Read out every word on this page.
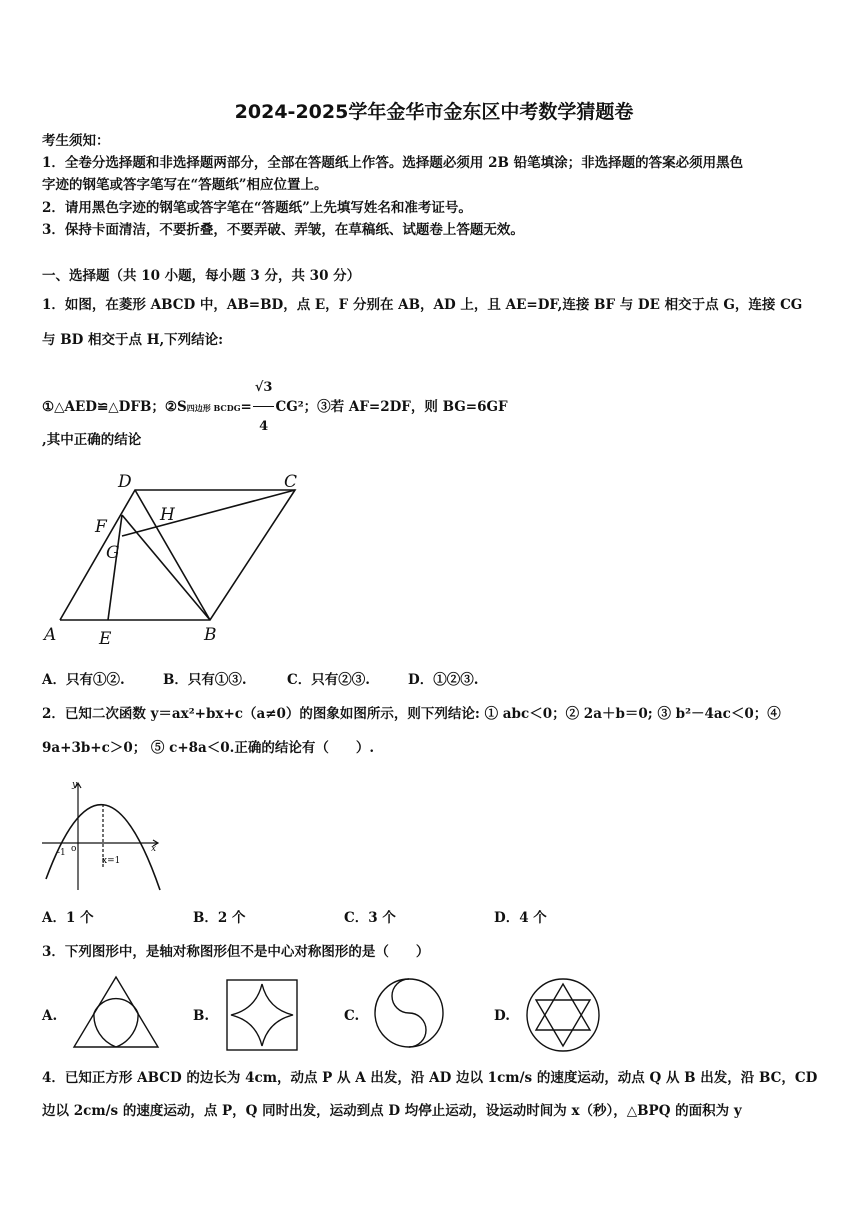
2024-2025学年金华市金东区中考数学猜题卷
考生须知：
1．全卷分选择题和非选择题两部分，全部在答题纸上作答。选择题必须用 2B 铅笔填涂；非选择题的答案必须用黑色
字迹的钢笔或答字笔写在“答题纸”相应位置上。
2．请用黑色字迹的钢笔或答字笔在“答题纸”上先填写姓名和准考证号。
3．保持卡面清洁，不要折叠，不要弄破、弄皱，在草稿纸、试题卷上答题无效。
一、选择题（共 10 小题，每小题 3 分，共 30 分）
1．如图，在菱形 ABCD 中，AB=BD，点 E，F 分别在 AB，AD 上，且 AE=DF,连接 BF 与 DE 相交于点 G，连接 CG
与 BD 相交于点 H,下列结论:
①△AED≌△DFB；②S四边形 BCDG= $\frac{√3}{4} CG^2$；③若 AF=2DF，则 BG=6GF
,其中正确的结论
A	E	B
D	C
F
G
H
A．只有①②.	B．只有①③.	C．只有②③.	D．①②③.
2．已知二次函数 y＝ax²+bx+c（a≠0）的图象如图所示，则下列结论: ① abc＜0；② 2a＋b＝0; ③ b²－4ac＜0；④
9a+3b+c＞0； ⑤ c+8a＜0.正确的结论有（　　）.
y
x
-1 o
x=1
A．1 个	B．2 个	C．3 个	D．4 个
3．下列图形中，是轴对称图形但不是中心对称图形的是（　　）
A.	B.	C.	D.
4．已知正方形 ABCD 的边长为 4cm，动点 P 从 A 出发，沿 AD 边以 1cm/s 的速度运动，动点 Q 从 B 出发，沿 BC，CD
边以 2cm/s 的速度运动，点 P，Q 同时出发，运动到点 D 均停止运动，设运动时间为 x（秒），△BPQ 的面积为 y
